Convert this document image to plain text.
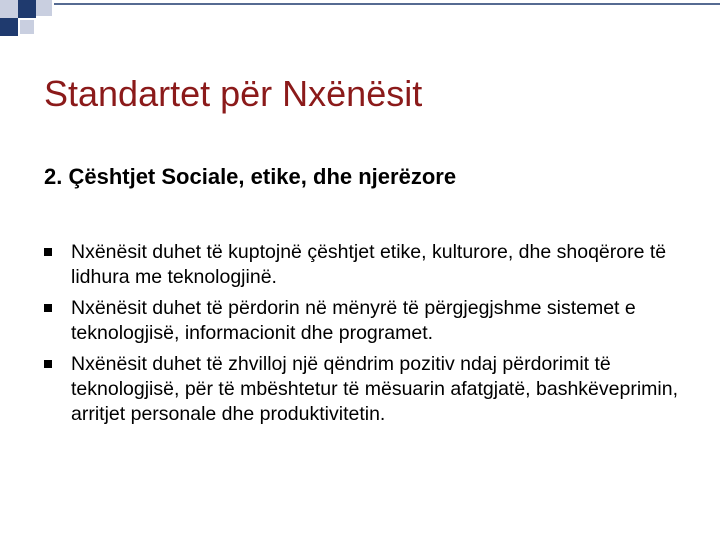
Standartet për Nxënësit
2. Çështjet Sociale, etike, dhe njerëzore
Nxënësit duhet të kuptojnë çështjet etike, kulturore, dhe shoqërore të lidhura me teknologjinë.
Nxënësit duhet të përdorin në mënyrë të përgjegjshme sistemet e teknologjisë, informacionit dhe programet.
Nxënësit duhet të zhvilloj një qëndrim pozitiv ndaj përdorimit të teknologjisë, për të mbështetur të mësuarin afatgjatë, bashkëveprimin, arritjet personale dhe produktivitetin.
